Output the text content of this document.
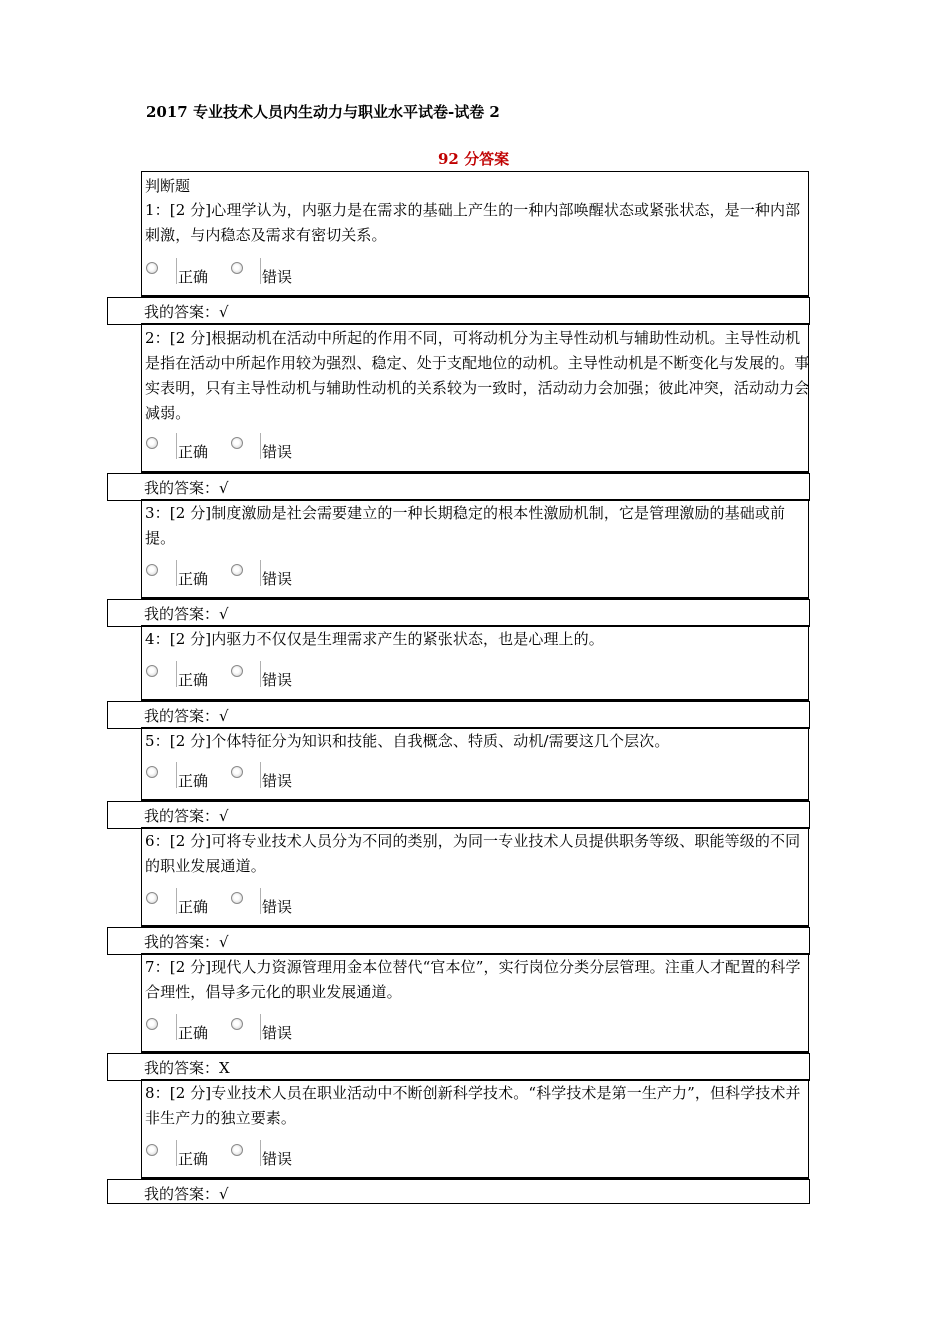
2017 专业技术人员内生动力与职业水平试卷-试卷 2
92 分答案
判断题
1：[2 分]心理学认为，内驱力是在需求的基础上产生的一种内部唤醒状态或紧张状态，是一种内部刺激，与内稳态及需求有密切关系。
正确	错误
我的答案：√
2：[2 分]根据动机在活动中所起的作用不同，可将动机分为主导性动机与辅助性动机。主导性动机是指在活动中所起作用较为强烈、稳定、处于支配地位的动机。主导性动机是不断变化与发展的。事实表明，只有主导性动机与辅助性动机的关系较为一致时，活动动力会加强；彼此冲突，活动动力会减弱。
正确	错误
我的答案：√
3：[2 分]制度激励是社会需要建立的一种长期稳定的根本性激励机制，它是管理激励的基础或前提。
正确	错误
我的答案：√
4：[2 分]内驱力不仅仅是生理需求产生的紧张状态，也是心理上的。
正确	错误
我的答案：√
5：[2 分]个体特征分为知识和技能、自我概念、特质、动机/需要这几个层次。
正确	错误
我的答案：√
6：[2 分]可将专业技术人员分为不同的类别，为同一专业技术人员提供职务等级、职能等级的不同的职业发展通道。
正确	错误
我的答案：√
7：[2 分]现代人力资源管理用金本位替代“官本位”，实行岗位分类分层管理。注重人才配置的科学合理性，倡导多元化的职业发展通道。
正确	错误
我的答案：X
8：[2 分]专业技术人员在职业活动中不断创新科学技术。“科学技术是第一生产力”，但科学技术并非生产力的独立要素。
正确	错误
我的答案：√
